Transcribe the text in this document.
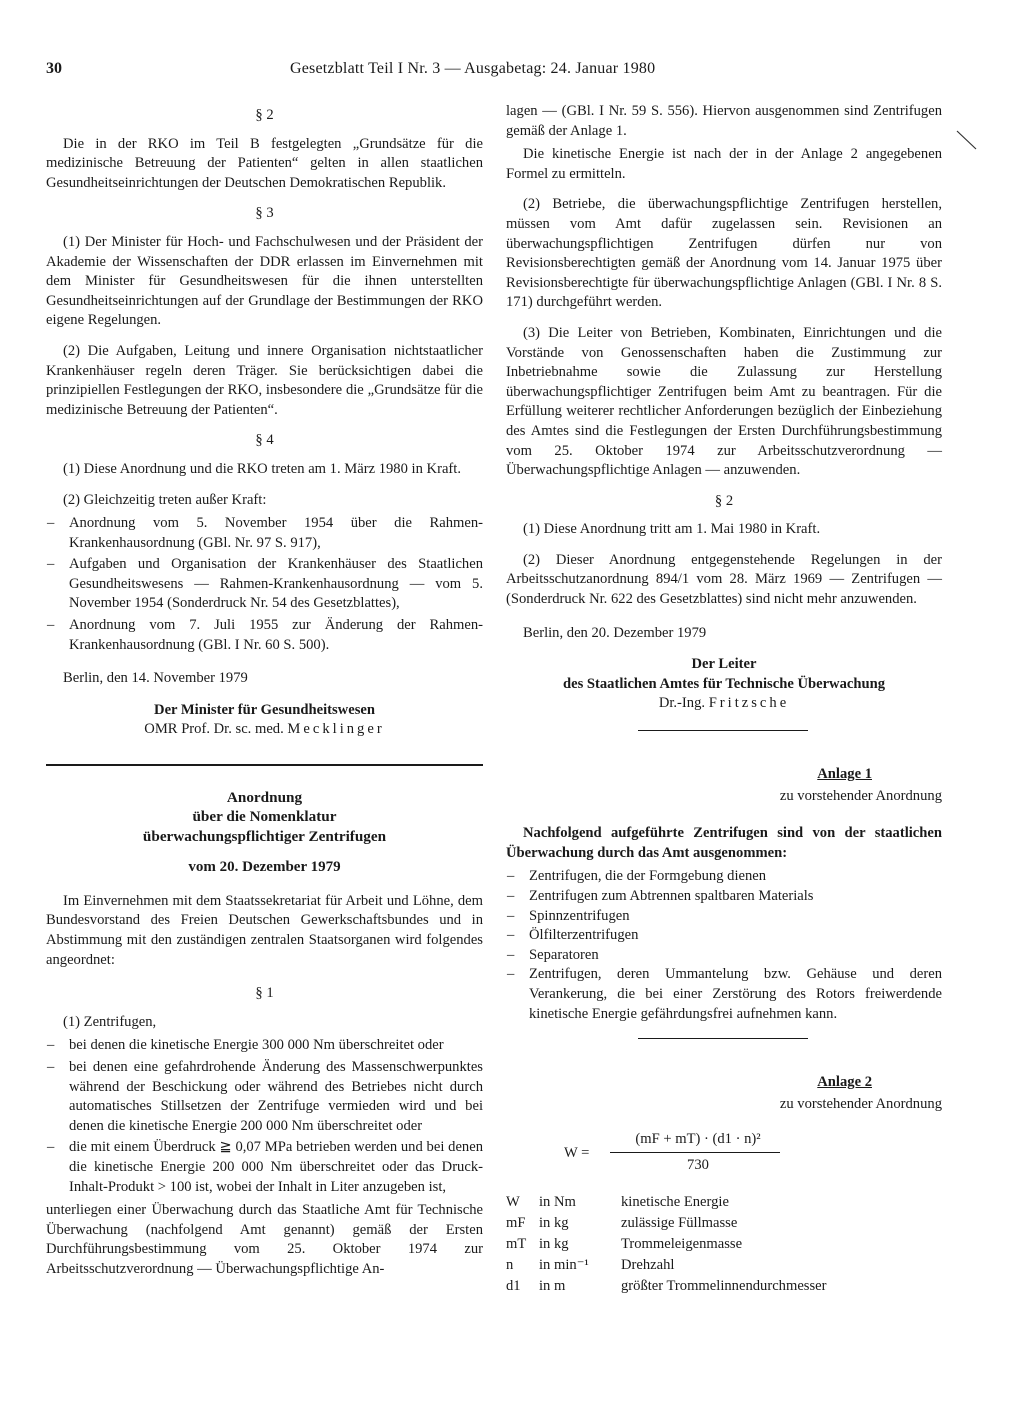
30	Gesetzblatt Teil I Nr. 3 — Ausgabetag: 24. Januar 1980
§ 2

Die in der RKO im Teil B festgelegten „Grundsätze für die medizinische Betreuung der Patienten“ gelten in allen staatlichen Gesundheitseinrichtungen der Deutschen Demokratischen Republik.

§ 3

(1) Der Minister für Hoch- und Fachschulwesen und der Präsident der Akademie der Wissenschaften der DDR erlassen im Einvernehmen mit dem Minister für Gesundheitswesen für die ihnen unterstellten Gesundheitseinrichtungen auf der Grundlage der Bestimmungen der RKO eigene Regelungen.

(2) Die Aufgaben, Leitung und innere Organisation nichtstaatlicher Krankenhäuser regeln deren Träger. Sie berücksichtigen dabei die prinzipiellen Festlegungen der RKO, insbesondere die „Grundsätze für die medizinische Betreuung der Patienten“.

§ 4

(1) Diese Anordnung und die RKO treten am 1. März 1980 in Kraft.

(2) Gleichzeitig treten außer Kraft:

– Anordnung vom 5. November 1954 über die Rahmen-Krankenhausordnung (GBl. Nr. 97 S. 917),
– Aufgaben und Organisation der Krankenhäuser des Staatlichen Gesundheitswesens — Rahmen-Krankenhausordnung — vom 5. November 1954 (Sonderdruck Nr. 54 des Gesetzblattes),
– Anordnung vom 7. Juli 1955 zur Änderung der Rahmen-Krankenhausordnung (GBl. I Nr. 60 S. 500).

Berlin, den 14. November 1979

Der Minister für Gesundheitswesen

OMR Prof. Dr. sc. med. Mecklinger

Anordnung
über die Nomenklatur
überwachungspflichtiger Zentrifugen
vom 20. Dezember 1979

Im Einvernehmen mit dem Staatssekretariat für Arbeit und Löhne, dem Bundesvorstand des Freien Deutschen Gewerkschaftsbundes und in Abstimmung mit den zuständigen zentralen Staatsorganen wird folgendes angeordnet:

§ 1

(1) Zentrifugen,

– bei denen die kinetische Energie 300 000 Nm überschreitet oder
– bei denen eine gefahrdrohende Änderung des Massenschwerpunktes während der Beschickung oder während des Betriebes nicht durch automatisches Stillsetzen der Zentrifuge vermieden wird und bei denen die kinetische Energie 200 000 Nm überschreitet oder
– die mit einem Überdruck ≧ 0,07 MPa betrieben werden und bei denen die kinetische Energie 200 000 Nm überschreitet oder das Druck-Inhalt-Produkt > 100 ist, wobei der Inhalt in Liter anzugeben ist,

unterliegen einer Überwachung durch das Staatliche Amt für Technische Überwachung (nachfolgend Amt genannt) gemäß der Ersten Durchführungsbestimmung vom 25. Oktober 1974 zur Arbeitsschutzverordnung — Überwachungspflichtige An-

lagen — (GBl. I Nr. 59 S. 556). Hiervon ausgenommen sind Zentrifugen gemäß der Anlage 1.

Die kinetische Energie ist nach der in der Anlage 2 angegebenen Formel zu ermitteln.

(2) Betriebe, die überwachungspflichtige Zentrifugen herstellen, müssen vom Amt dafür zugelassen sein. Revisionen an überwachungspflichtigen Zentrifugen dürfen nur von Revisionsberechtigten gemäß der Anordnung vom 14. Januar 1975 über Revisionsberechtigte für überwachungspflichtige Anlagen (GBl. I Nr. 8 S. 171) durchgeführt werden.

(3) Die Leiter von Betrieben, Kombinaten, Einrichtungen und die Vorstände von Genossenschaften haben die Zustimmung zur Inbetriebnahme sowie die Zulassung zur Herstellung überwachungspflichtiger Zentrifugen beim Amt zu beantragen. Für die Erfüllung weiterer rechtlicher Anforderungen bezüglich der Einbeziehung des Amtes sind die Festlegungen der Ersten Durchführungsbestimmung vom 25. Oktober 1974 zur Arbeitsschutzverordnung — Überwachungspflichtige Anlagen — anzuwenden.

§ 2

(1) Diese Anordnung tritt am 1. Mai 1980 in Kraft.

(2) Dieser Anordnung entgegenstehende Regelungen in der Arbeitsschutzanordnung 894/1 vom 28. März 1969 — Zentrifugen — (Sonderdruck Nr. 622 des Gesetzblattes) sind nicht mehr anzuwenden.

Berlin, den 20. Dezember 1979

Der Leiter

des Staatlichen Amtes für Technische Überwachung

Dr.-Ing. Fritzsche

Anlage 1
zu vorstehender Anordnung

Nachfolgend aufgeführte Zentrifugen sind von der staatlichen Überwachung durch das Amt ausgenommen:

– Zentrifugen, die der Formgebung dienen
– Zentrifugen zum Abtrennen spaltbaren Materials
– Spinnzentrifugen
– Ölfilterzentrifugen
– Separatoren
– Zentrifugen, deren Ummantelung bzw. Gehäuse und deren Verankerung, die bei einer Zerstörung des Rotors freiwerdende kinetische Energie gefährdungsfrei aufnehmen kann.
Anlage 2
zu vorstehender Anordnung
W =
(mF + mT) · (d1 · n)²
730
W	in Nm	kinetische Energie
mF	in kg	zulässige Füllmasse
mT	in kg	Trommeleigenmasse
n	in min⁻¹	Drehzahl
d1	in m	größter Trommelinnendurchmesser
